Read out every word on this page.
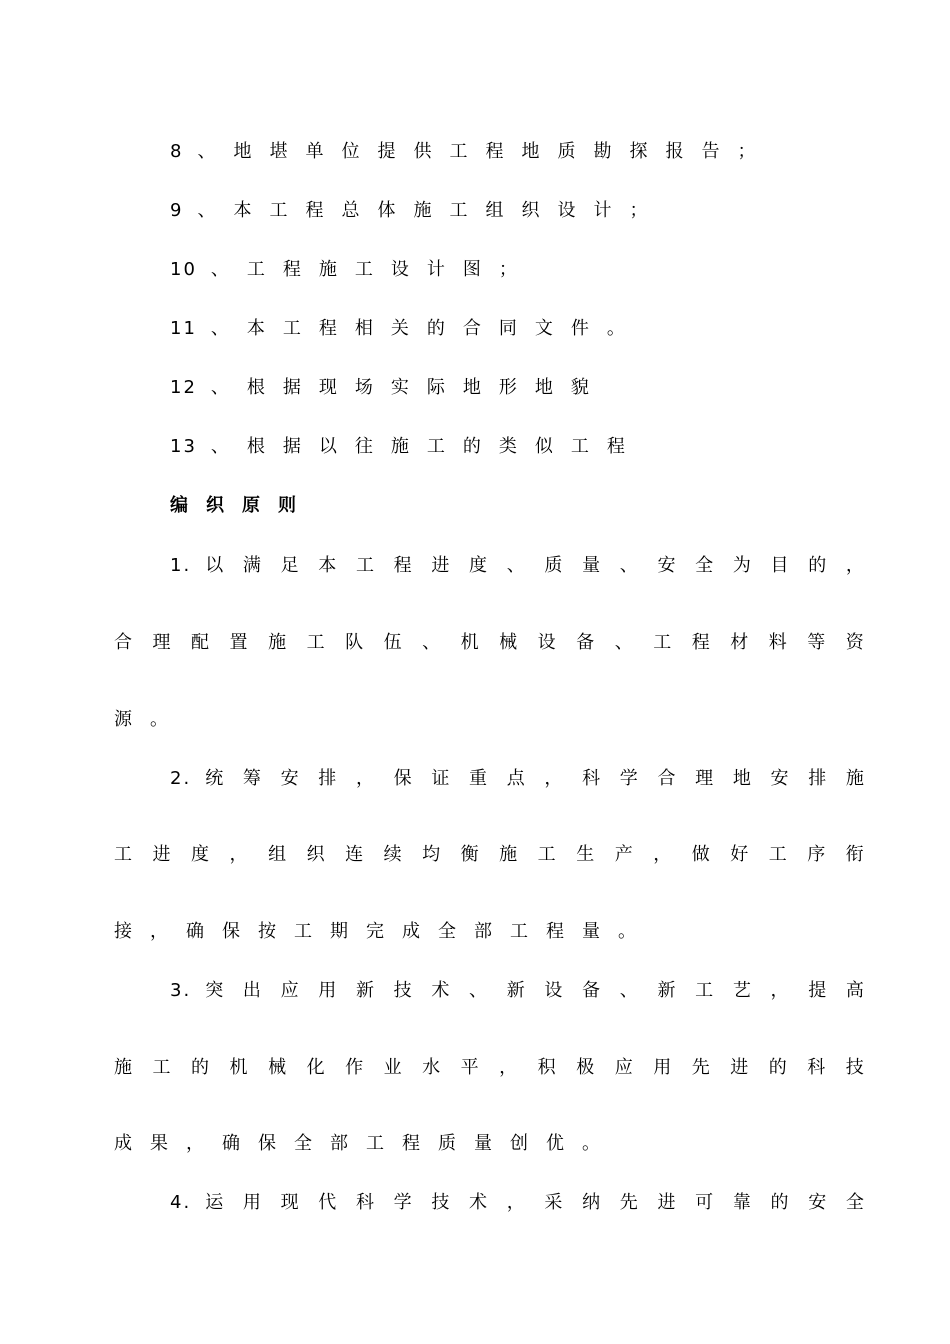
8 、地堪单位提供工程地质勘探报告；
9 、本工程总体施工组织设计；
10 、工程施工设计图；
11 、本工程相关的合同文件。
12 、根据现场实际地形地貌
13 、根据以往施工的类似工程
编织原则
1. 以 满 足 本 工 程 进 度 、 质 量 、 安 全 为 目 的 ，
合 理 配 置 施 工 队 伍 、 机 械 设 备 、 工 程 材 料 等 资
源。
2. 统 筹 安 排 ， 保 证 重 点 ， 科 学 合 理 地 安 排 施
工 进 度 ， 组 织 连 续 均 衡 施 工 生 产 ， 做 好 工 序 衔
接，确保按工期完成全部工程量。
3. 突 出 应 用 新 技 术 、 新 设 备 、 新 工 艺 ， 提 高
施 工 的 机 械 化 作 业 水 平 ， 积 极 应 用 先 进 的 科 技
成果，确保全部工程质量创优。
4. 运 用 现 代 科 学 技 术 ， 采 纳 先 进 可 靠 的 安 全
